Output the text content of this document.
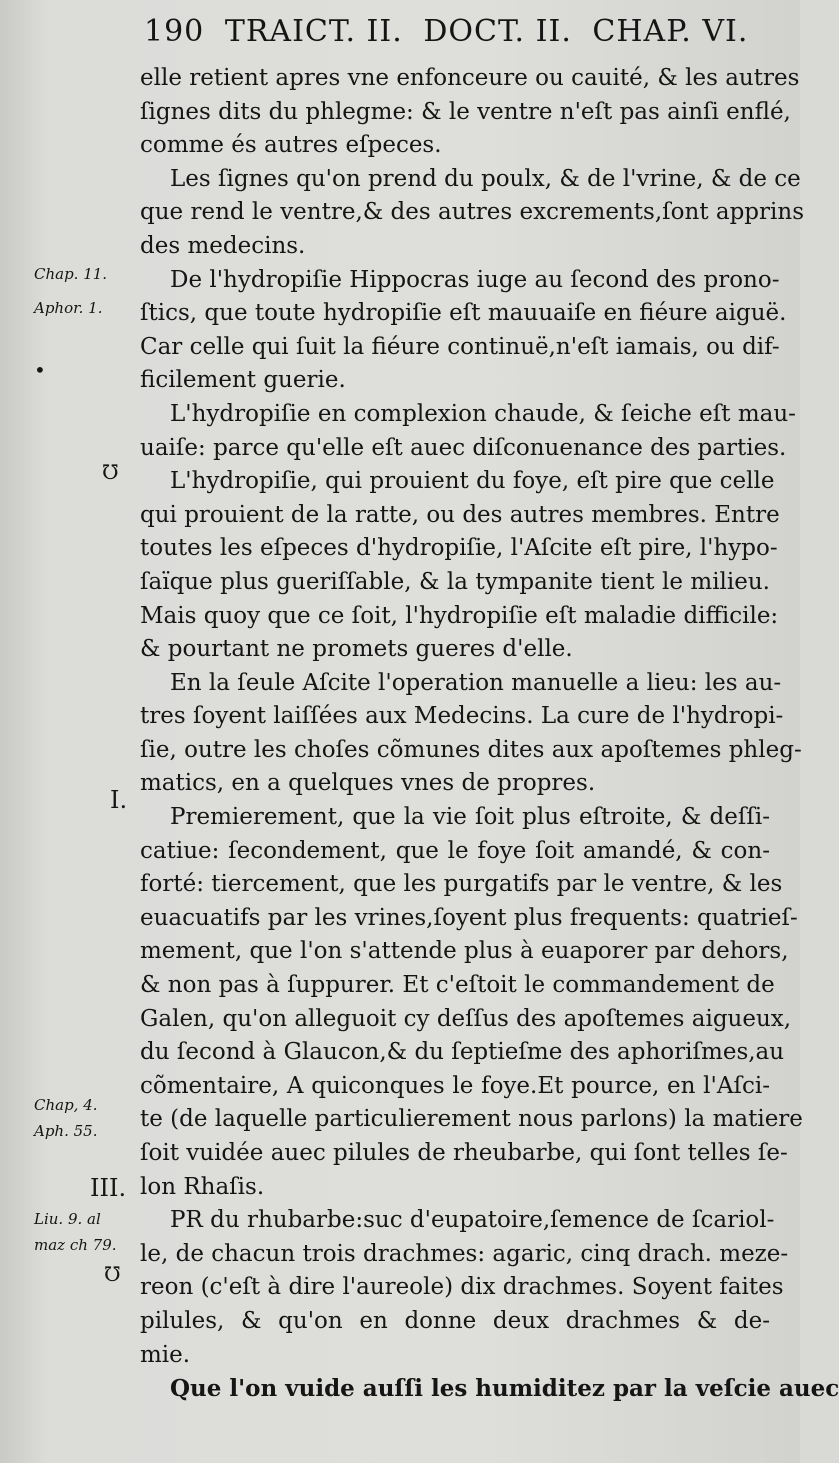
190 TRAICT. II. DOCT. II. CHAP. VI.
elle retient apres vne enfonceure ou cauité, & les autres
ſignes dits du phlegme: & le ventre n'eſt pas ainſi enflé,
comme és autres eſpeces.
Les ſignes qu'on prend du poulx, & de l'vrine, & de ce
que rend le ventre,& des autres excrements,ſont apprins
des medecins.
De l'hydropiſie Hippocras iuge au ſecond des prono-
ſtics, que toute hydropiſie eſt mauuaiſe en fiéure aiguë.
Car celle qui ſuit la fiéure continuë,n'eſt iamais, ou dif-
ficilement guerie.
L'hydropiſie en complexion chaude, & ſeiche eſt mau-
uaiſe: parce qu'elle eſt auec diſconuenance des parties.
L'hydropiſie, qui prouient du foye, eſt pire que celle
qui prouient de la ratte, ou des autres membres. Entre
toutes les eſpeces d'hydropiſie, l'Aſcite eſt pire, l'hypo-
ſaïque plus gueriſſable, & la tympanite tient le milieu.
Mais quoy que ce ſoit, l'hydropiſie eſt maladie difficile:
& pourtant ne promets gueres d'elle.
En la ſeule Aſcite l'operation manuelle a lieu: les au-
tres ſoyent laiſſées aux Medecins. La cure de l'hydropi-
ſie, outre les choſes cõmunes dites aux apoſtemes phleg-
matics, en a quelques vnes de propres.
Premierement, que la vie ſoit plus eſtroite, & deſſi-
catiue: ſecondement, que le foye ſoit amandé, & con-
forté: tiercement, que les purgatifs par le ventre, & les
euacuatifs par les vrines,ſoyent plus frequents: quatrieſ-
mement, que l'on s'attende plus à euaporer par dehors,
& non pas à ſuppurer. Et c'eſtoit le commandement de
Galen, qu'on alleguoit cy deſſus des apoſtemes aigueux,
du ſecond à Glaucon,& du ſeptieſme des aphoriſmes,au
cõmentaire, A quiconques le foye.Et pource, en l'Aſci-
te (de laquelle particulierement nous parlons) la matiere
ſoit vuidée auec pilules de rheubarbe, qui ſont telles ſe-
lon Rhaſis.
PR du rhubarbe:suc d'eupatoire,ſemence de ſcariol-
le, de chacun trois drachmes: agaric, cinq drach. meze-
reon (c'eſt à dire l'aureole) dix drachmes. Soyent faites
pilules, & qu'on en donne deux drachmes & de-
mie.
Que l'on vuide auſſi les humiditez par la veſcie auec
Chap. 11.
Aphor. 1.
•
℧
I.
Chap, 4.
Aph. 55.
III.
Liu. 9. al
maz ch 79.
℧
